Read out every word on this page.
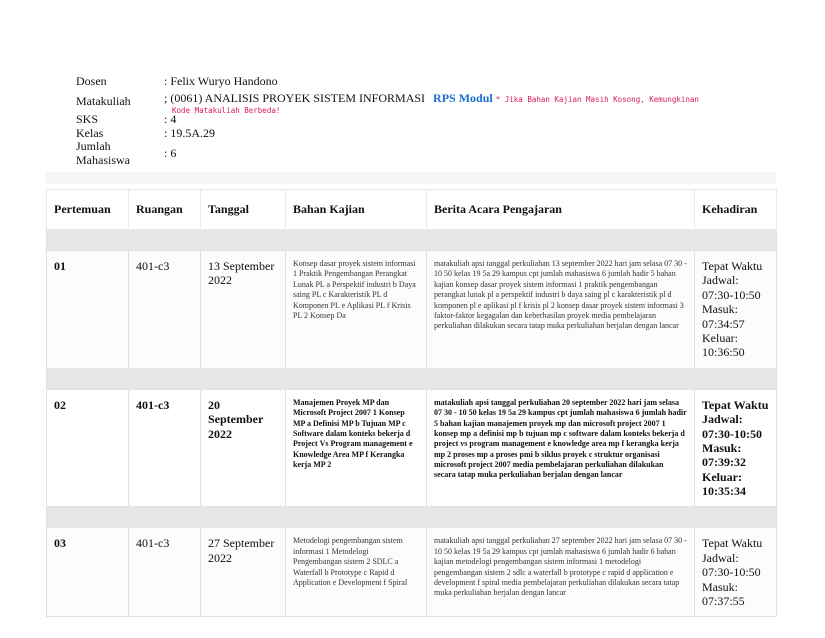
Dosen	: Felix Wuryo Handono
Matakuliah	; (0061) ANALISIS PROYEK SISTEM INFORMASI RPS Modul * Jika Bahan Kajian Masih Kosong, Kemungkinan
Kode Matakuliah Berbeda!
SKS	: 4
Kelas	: 19.5A.29
Jumlah Mahasiswa	: 6
Pertemuan	Ruangan	Tanggal	Bahan Kajian	Berita Acara Pengajaran	Kehadiran

01	401-c3	13 September 2022	Konsep dasar proyek sistem informasi 1 Praktik Pengembangan Perangkat Lunak PL a Perspektif industri b Daya saing PL c Karakteristik PL d Komponen PL e Aplikasi PL f Krisis PL 2 Konsep Da	matakuliah apsi tanggal perkuliahan 13 september 2022 hari jam selasa 07 30 - 10 50 kelas 19 5a 29 kampus cpt jumlah mahasiswa 6 jumlah hadir 5 bahan kajian konsep dasar proyek sistem informasi 1 praktik pengembangan perangkat lunak pl a perspektif industri b daya saing pl c karakteristik pl d komponen pl e aplikasi pl f krisis pl 2 konsep dasar proyek sistem informasi 3 faktor-faktor kegagalan dan keberhasilan proyek media pembelajaran perkuliahan dilakukan secara tatap muka perkuliahan berjalan dengan lancar	Tepat Waktu Jadwal: 07:30-10:50 Masuk: 07:34:57 Keluar: 10:36:50

02	401-c3	20 September 2022	Manajemen Proyek MP dan Microsoft Project 2007 1 Konsep MP a Definisi MP b Tujuan MP c Software dalam konteks bekerja d Project Vs Program management e Knowledge Area MP f Kerangka kerja MP 2	matakuliah apsi tanggal perkuliahan 20 september 2022 hari jam selasa 07 30 - 10 50 kelas 19 5a 29 kampus cpt jumlah mahasiswa 6 jumlah hadir 5 bahan kajian manajemen proyek mp dan microsoft project 2007 1 konsep mp a definisi mp b tujuan mp c software dalam konteks bekerja d project vs program management e knowledge area mp f kerangka kerja mp 2 proses mp a proses pmi b siklus proyek c struktur organisasi microsoft project 2007 media pembelajaran perkuliahan dilakukan secara tatap muka perkuliahan berjalan dengan lancar	Tepat Waktu Jadwal: 07:30-10:50 Masuk: 07:39:32 Keluar: 10:35:34

03	401-c3	27 September 2022	Metodelogi pengembangan sistem informasi 1 Metodelogi Pengembangan sistem 2 SDLC a Waterfall b Prototype c Rapid d Application e Development f Spiral	matakuliah apsi tanggal perkuliahan 27 september 2022 hari jam selasa 07 30 - 10 50 kelas 19 5a 29 kampus cpt jumlah mahasiswa 6 jumlah hadir 6 bahan kajian metodelogi pengembangan sistem informasi 1 metodelogi pengembangan sistem 2 sdlc a waterfall b prototype c rapid d application e development f spiral media pembelajaran perkuliahan dilakukan secara tatap muka perkuliahan berjalan dengan lancar	Tepat Waktu Jadwal: 07:30-10:50 Masuk: 07:37:55
